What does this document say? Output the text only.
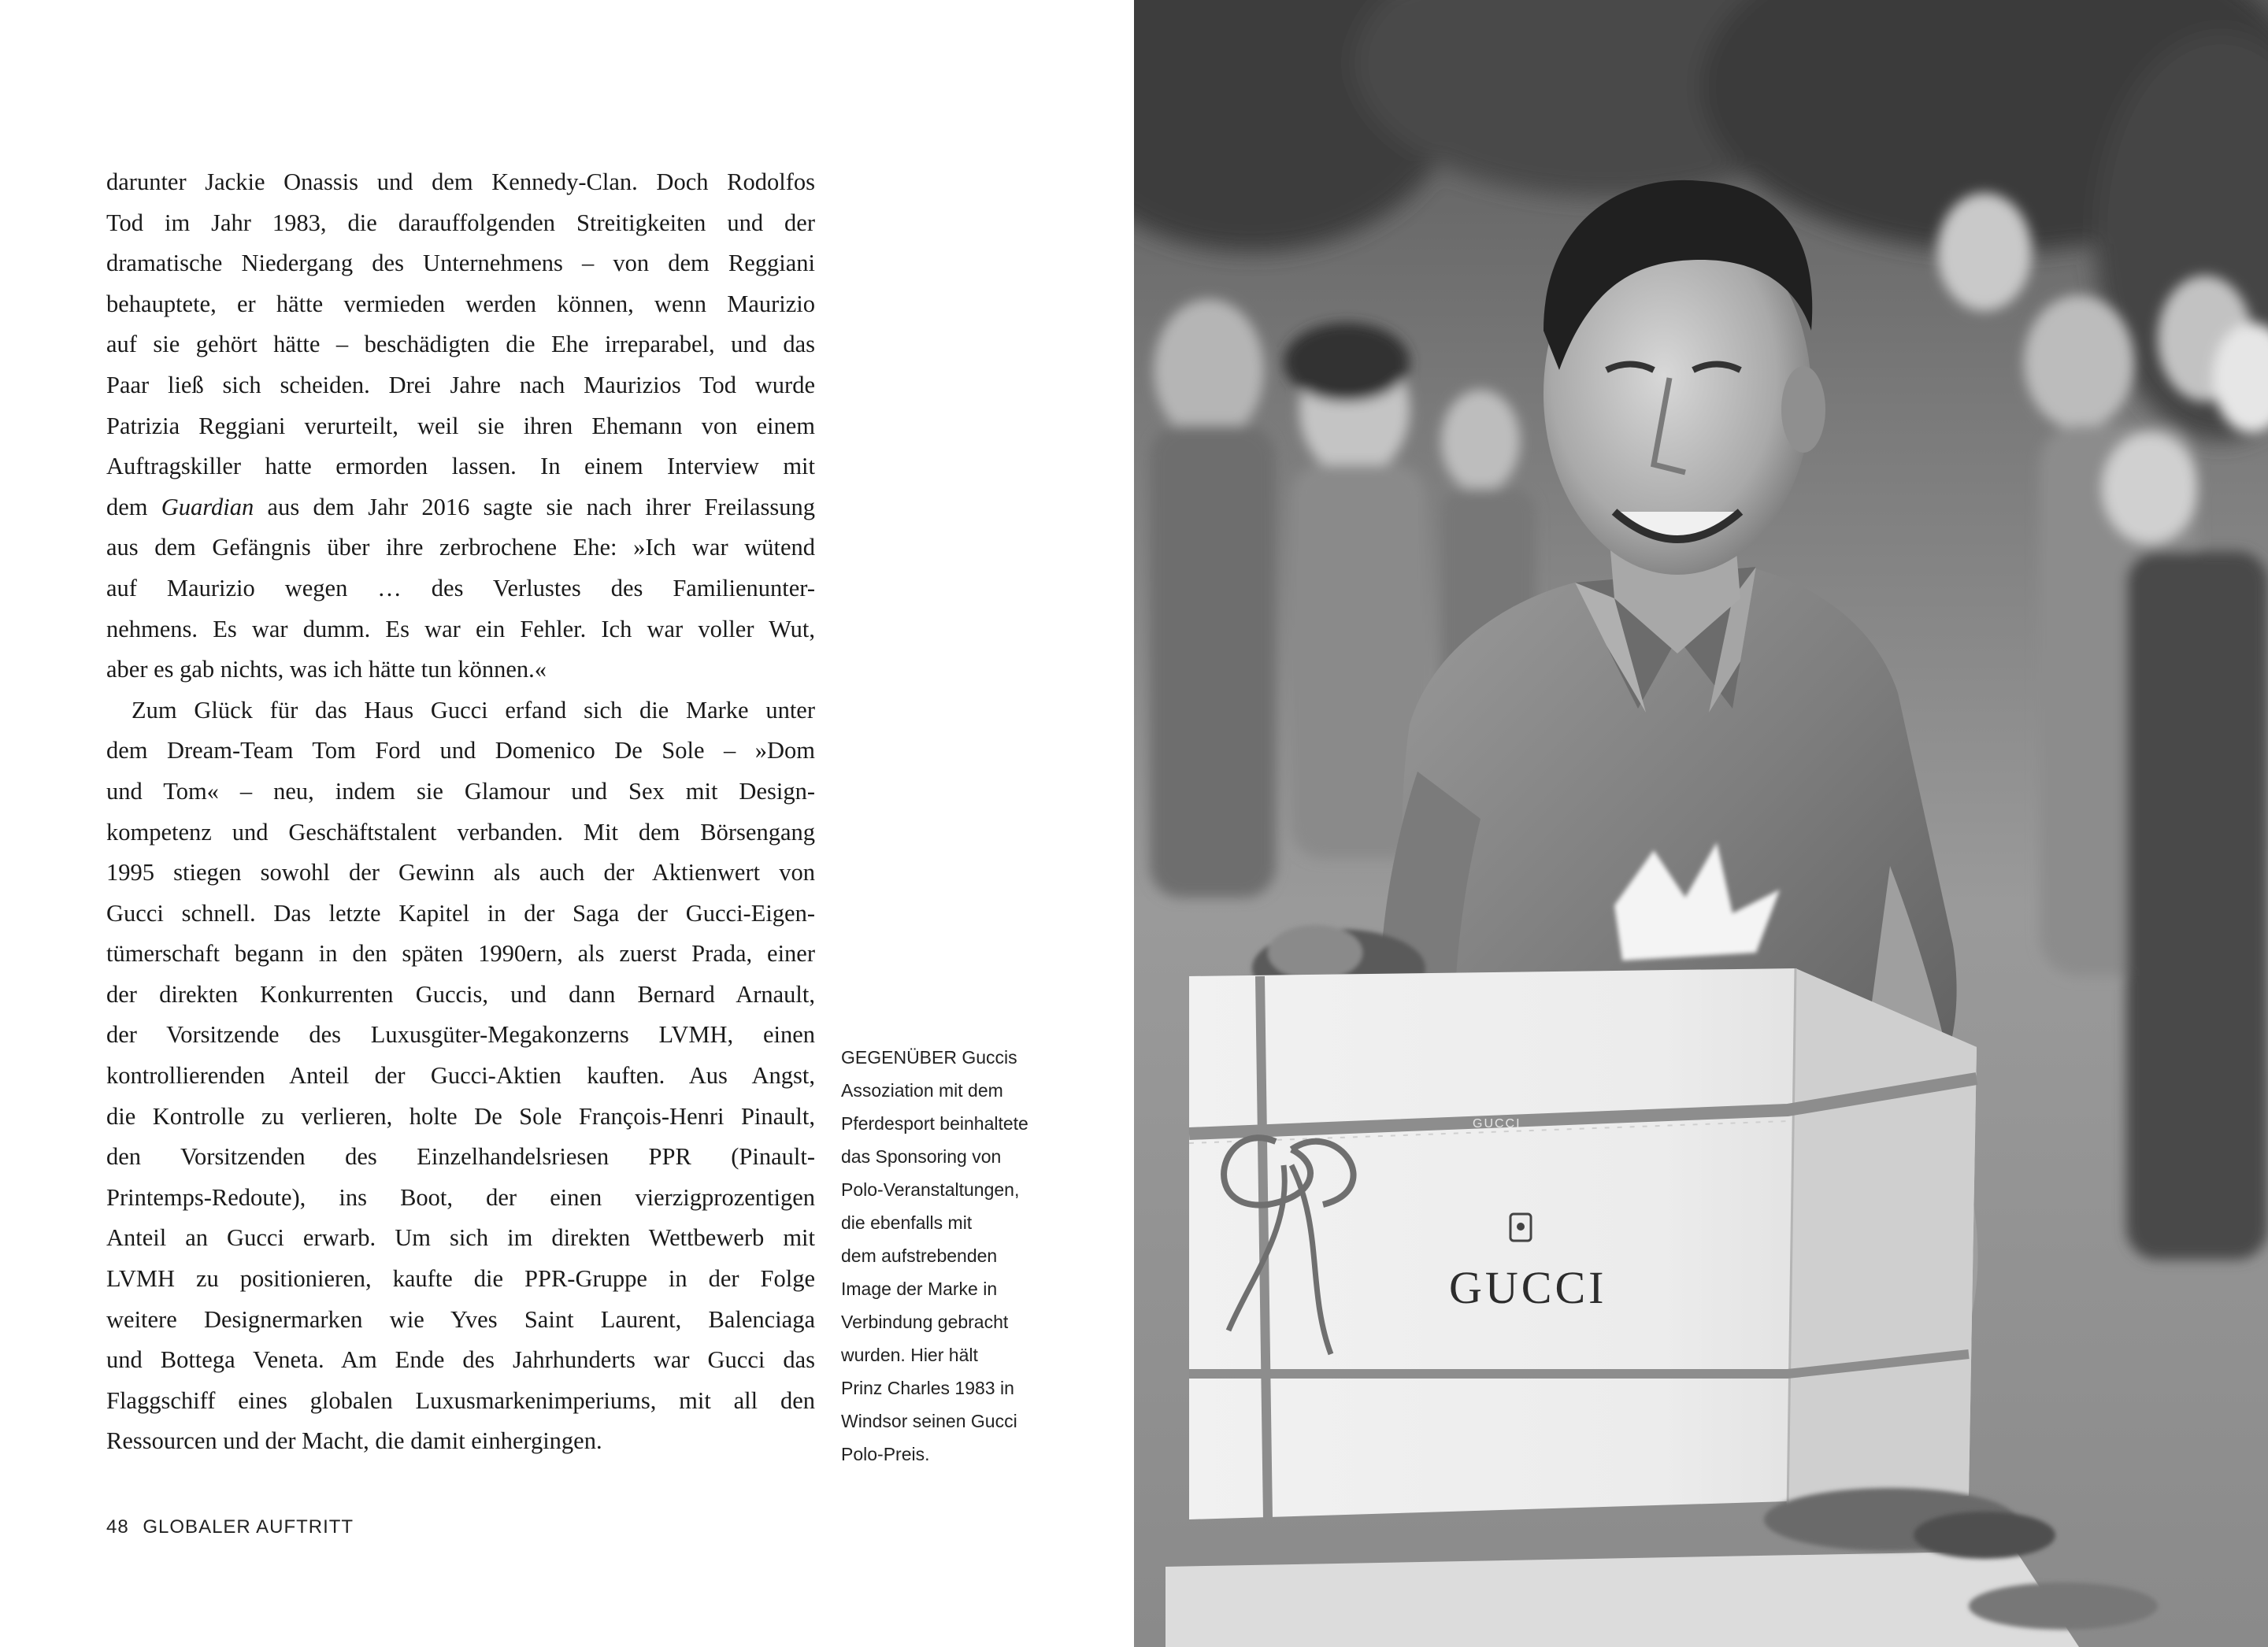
darunter Jackie Onassis und dem Kennedy-Clan. Doch Rodolfos
Tod im Jahr 1983, die darauffolgenden Streitigkeiten und der
dramatische Niedergang des Unternehmens – von dem Reggiani
behauptete, er hätte vermieden werden können, wenn Maurizio
auf sie gehört hätte – beschädigten die Ehe irreparabel, und das
Paar ließ sich scheiden. Drei Jahre nach Maurizios Tod wurde
Patrizia Reggiani verurteilt, weil sie ihren Ehemann von einem
Auftragskiller hatte ermorden lassen. In einem Interview mit
dem Guardian aus dem Jahr 2016 sagte sie nach ihrer Freilassung
aus dem Gefängnis über ihre zerbrochene Ehe: »Ich war wütend
auf Maurizio wegen … des Verlustes des Familienunter-
nehmens. Es war dumm. Es war ein Fehler. Ich war voller Wut,
aber es gab nichts, was ich hätte tun können.«

Zum Glück für das Haus Gucci erfand sich die Marke unter
dem Dream-Team Tom Ford und Domenico De Sole – »Dom
und Tom« – neu, indem sie Glamour und Sex mit Design-
kompetenz und Geschäftstalent verbanden. Mit dem Börsengang
1995 stiegen sowohl der Gewinn als auch der Aktienwert von
Gucci schnell. Das letzte Kapitel in der Saga der Gucci-Eigen-
tümerschaft begann in den späten 1990ern, als zuerst Prada, einer
der direkten Konkurrenten Guccis, und dann Bernard Arnault,
der Vorsitzende des Luxusgüter-Megakonzerns LVMH, einen
kontrollierenden Anteil der Gucci-Aktien kauften. Aus Angst,
die Kontrolle zu verlieren, holte De Sole François-Henri Pinault,
den Vorsitzenden des Einzelhandelsriesen PPR (Pinault-
Printemps-Redoute), ins Boot, der einen vierzigprozentigen
Anteil an Gucci erwarb. Um sich im direkten Wettbewerb mit
LVMH zu positionieren, kaufte die PPR-Gruppe in der Folge
weitere Designermarken wie Yves Saint Laurent, Balenciaga
und Bottega Veneta. Am Ende des Jahrhunderts war Gucci das
Flaggschiff eines globalen Luxusmarkenimperiums, mit all den
Ressourcen und der Macht, die damit einhergingen.

GEGENÜBER Guccis
Assoziation mit dem
Pferdesport beinhaltete
das Sponsoring von
Polo-Veranstaltungen,
die ebenfalls mit
dem aufstrebenden
Image der Marke in
Verbindung gebracht
wurden. Hier hält
Prinz Charles 1983 in
Windsor seinen Gucci
Polo-Preis.
48 GLOBALER AUFTRITT
GUCCI
GUCCI
